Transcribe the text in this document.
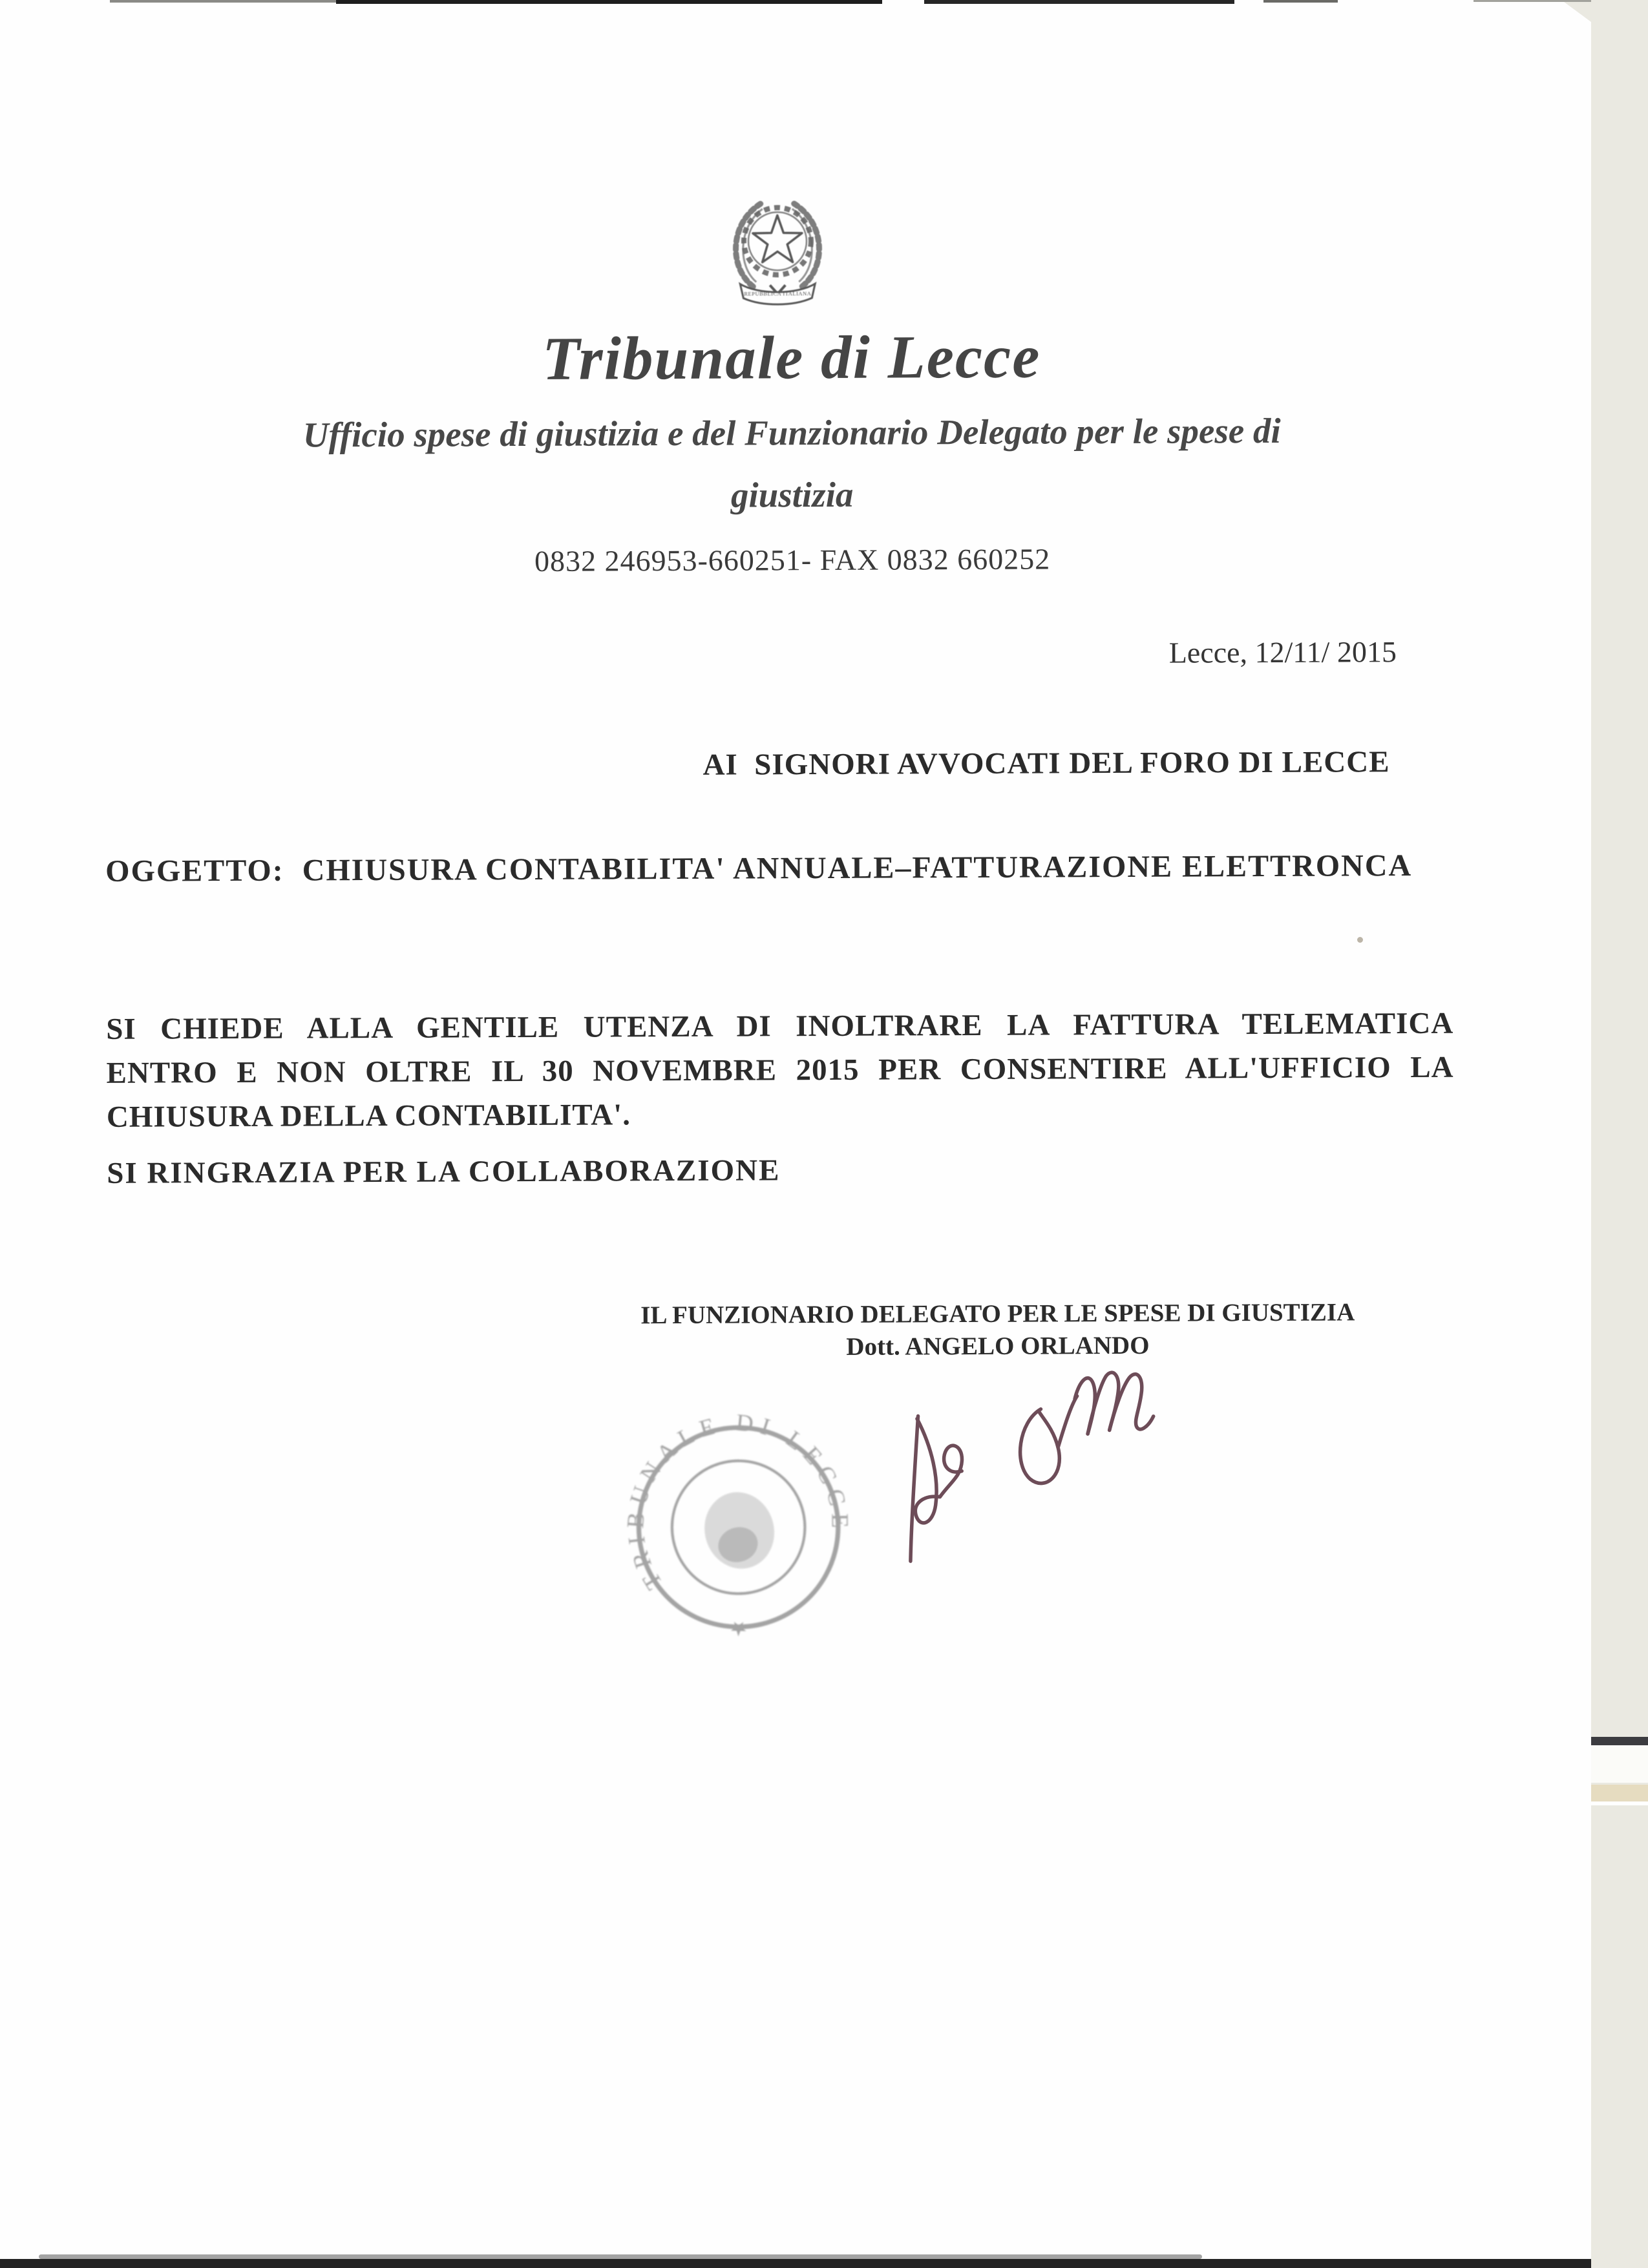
REPUBBLICA ITALIANA
Tribunale di Lecce
Ufficio spese di giustizia e del Funzionario Delegato per le spese di
giustizia
0832 246953-660251- FAX 0832 660252
Lecce, 12/11/ 2015
AI  SIGNORI AVVOCATI DEL FORO DI LECCE
OGGETTO:  CHIUSURA CONTABILITA' ANNUALE–FATTURAZIONE ELETTRONCA
SI CHIEDE ALLA GENTILE UTENZA DI INOLTRARE LA FATTURA TELEMATICA
ENTRO E NON OLTRE IL 30 NOVEMBRE 2015 PER CONSENTIRE ALL'UFFICIO LA
CHIUSURA DELLA CONTABILITA'.
SI RINGRAZIA PER LA COLLABORAZIONE
IL FUNZIONARIO DELEGATO PER LE SPESE DI GIUSTIZIA
Dott. ANGELO ORLANDO
TRIBUNALE DI LECCE
★
